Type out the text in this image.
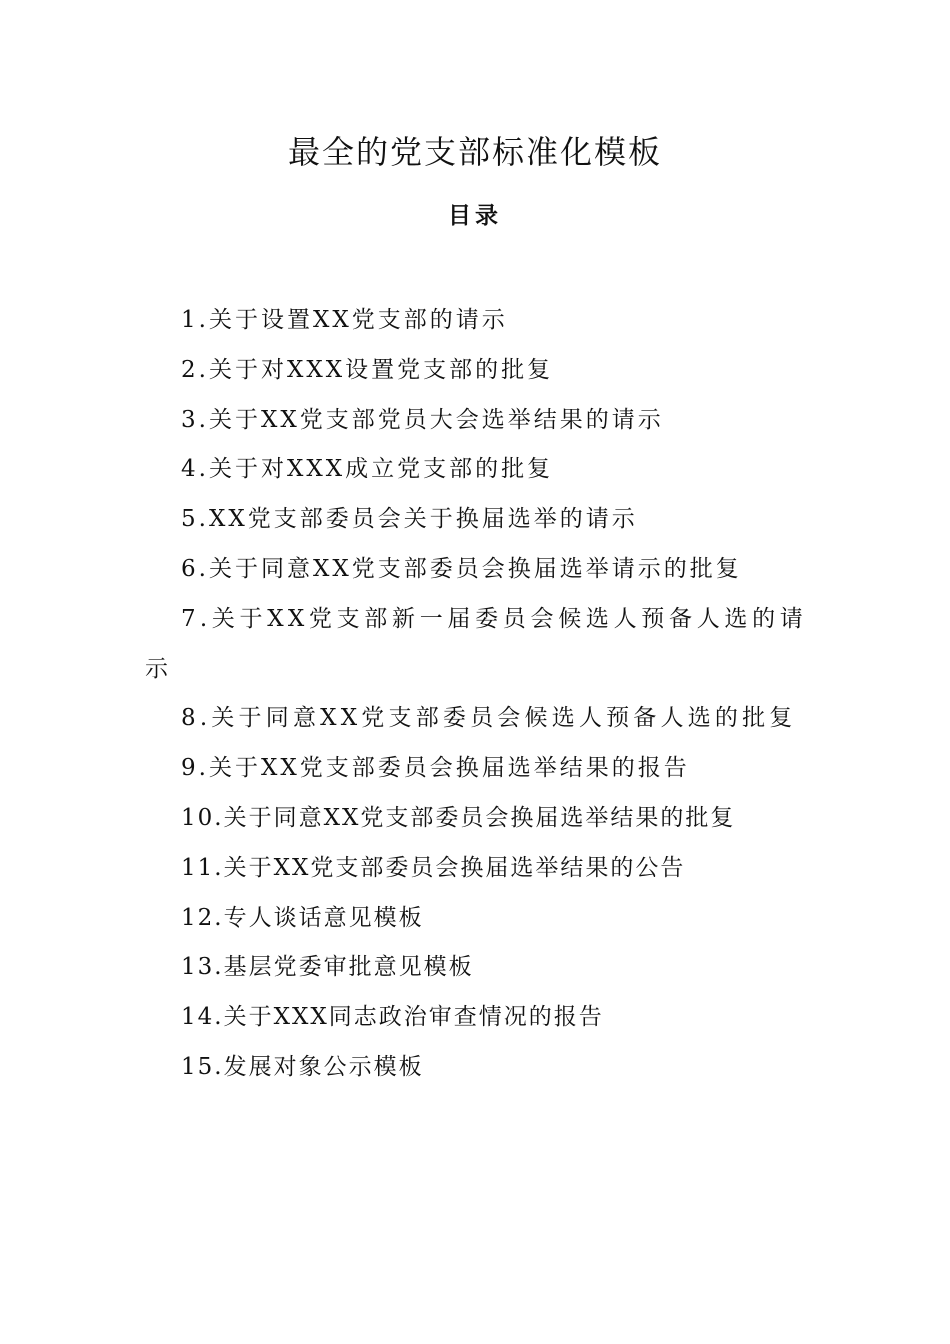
最全的党支部标准化模板
目录
1.关于设置XX党支部的请示
2.关于对XXX设置党支部的批复
3.关于XX党支部党员大会选举结果的请示
4.关于对XXX成立党支部的批复
5.XX党支部委员会关于换届选举的请示
6.关于同意XX党支部委员会换届选举请示的批复
7.关于XX党支部新一届委员会候选人预备人选的请示
8.关于同意XX党支部委员会候选人预备人选的批复
9.关于XX党支部委员会换届选举结果的报告
10.关于同意XX党支部委员会换届选举结果的批复
11.关于XX党支部委员会换届选举结果的公告
12.专人谈话意见模板
13.基层党委审批意见模板
14.关于XXX同志政治审查情况的报告
15.发展对象公示模板
